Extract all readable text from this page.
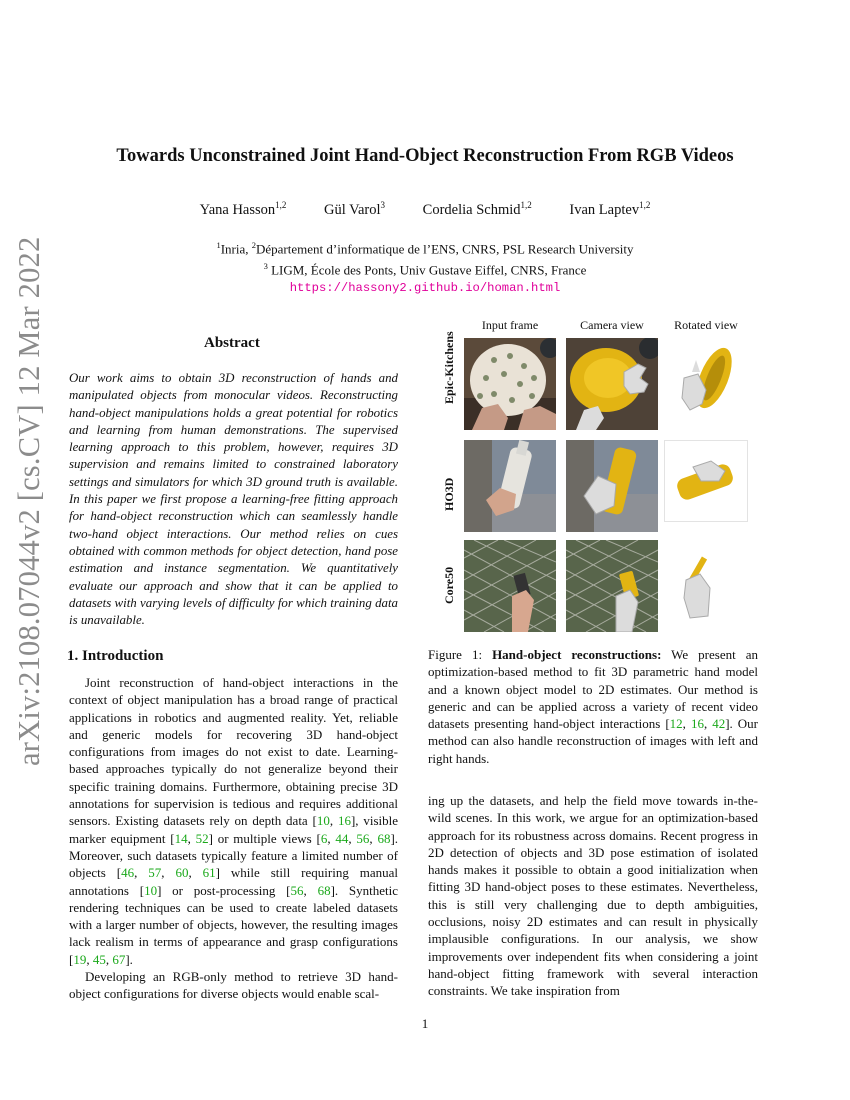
arXiv:2108.07044v2 [cs.CV] 12 Mar 2022
Towards Unconstrained Joint Hand-Object Reconstruction From RGB Videos
Yana Hasson$^{1,2}$	Gül Varol$^3$	Cordelia Schmid$^{1,2}$	Ivan Laptev$^{1,2}$
$^1$Inria, $^2$Département d’informatique de l’ENS, CNRS, PSL Research University
$^3$ LIGM, École des Ponts, Univ Gustave Eiffel, CNRS, France
https://hassony2.github.io/homan.html
Abstract
Our work aims to obtain 3D reconstruction of hands and manipulated objects from monocular videos. Reconstructing hand-object manipulations holds a great potential for robotics and learning from human demonstrations. The supervised learning approach to this problem, however, requires 3D supervision and remains limited to constrained laboratory settings and simulators for which 3D ground truth is available. In this paper we first propose a learning-free fitting approach for hand-object reconstruction which can seamlessly handle two-hand object interactions. Our method relies on cues obtained with common methods for object detection, hand pose estimation and instance segmentation. We quantitatively evaluate our approach and show that it can be applied to datasets with varying levels of difficulty for which training data is unavailable.
1. Introduction

Joint reconstruction of hand-object interactions in the context of object manipulation has a broad range of practical applications in robotics and augmented reality. Yet, reliable and generic models for recovering 3D hand-object configurations from images do not exist to date. Learning-based approaches typically do not generalize beyond their specific training domains. Furthermore, obtaining precise 3D annotations for supervision is tedious and requires additional sensors. Existing datasets rely on depth data [10, 16], visible marker equipment [14, 52] or multiple views [6, 44, 56, 68]. Moreover, such datasets typically feature a limited number of objects [46, 57, 60, 61] while still requiring manual annotations [10] or post-processing [56, 68]. Synthetic rendering techniques can be used to create labeled datasets with a larger number of objects, however, the resulting images lack realism in terms of appearance and grasp configurations [19, 45, 67].

Developing an RGB-only method to retrieve 3D hand-object configurations for diverse objects would enable scal-

Input frame	Camera view	Rotated view
Epic-Kitchens
HO3D
Core50
Figure 1: Hand-object reconstructions: We present an optimization-based method to fit 3D parametric hand model and a known object model to 2D estimates. Our method is generic and can be applied across a variety of recent video datasets presenting hand-object interactions [12, 16, 42]. Our method can also handle reconstruction of images with left and right hands.
ing up the datasets, and help the field move towards in-the-wild scenes. In this work, we argue for an optimization-based approach for its robustness across domains. Recent progress in 2D detection of objects and 3D pose estimation of isolated hands makes it possible to obtain a good initialization when fitting 3D hand-object poses to these estimates. Nevertheless, this is still very challenging due to depth ambiguities, occlusions, noisy 2D estimates and can result in physically implausible configurations. In our analysis, we show improvements over independent fits when considering a joint hand-object fitting framework with several interaction constraints. We take inspiration from
1
